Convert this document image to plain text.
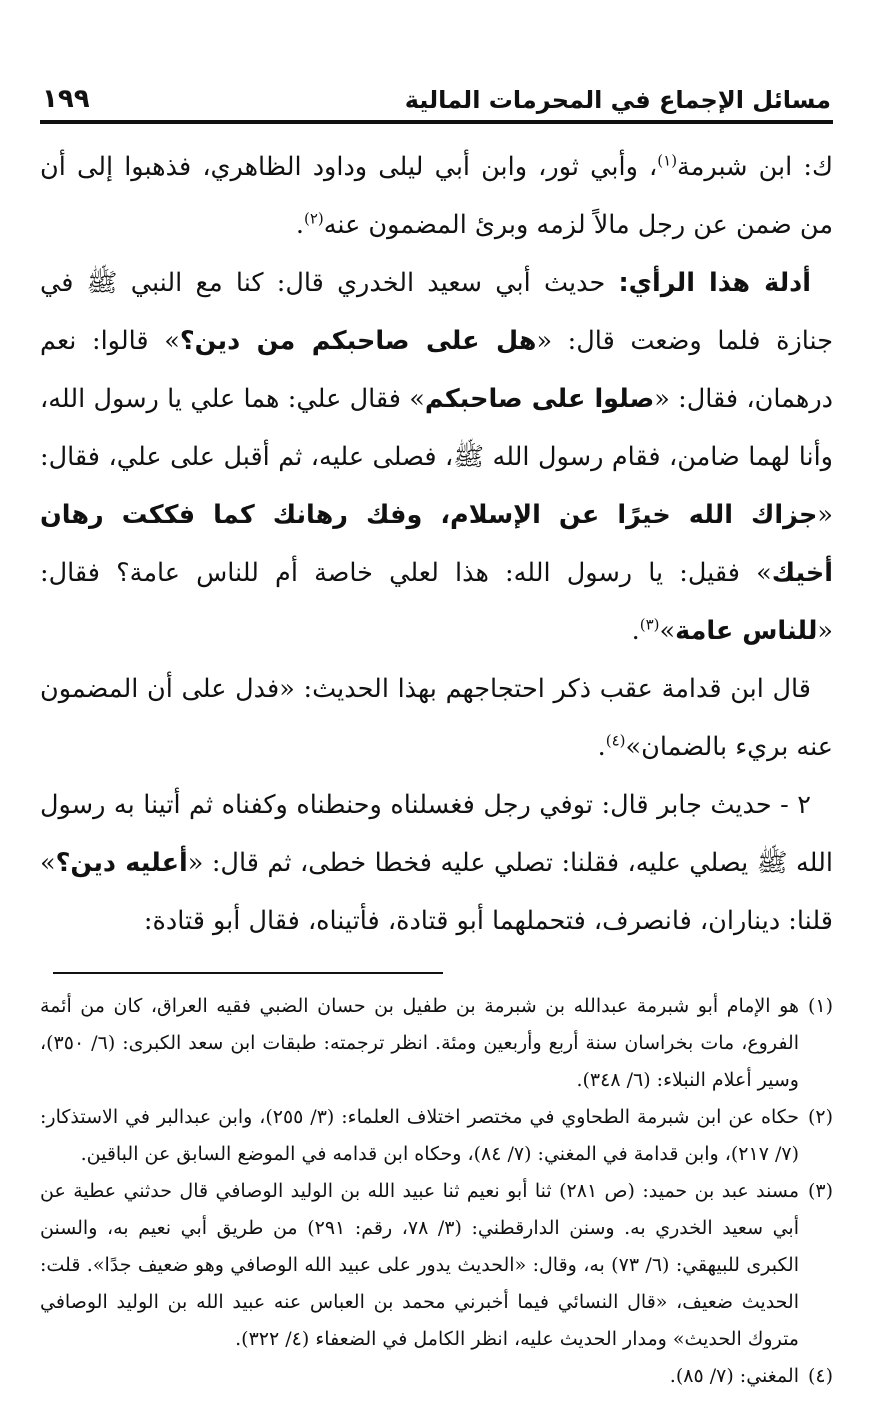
مسائل الإجماع في المحرمات المالية
١٩٩

ك: ابن شبرمة$^{(١)}$، وأبي ثور، وابن أبي ليلى وداود الظاهري، فذهبوا إلى أن من ضمن عن رجل مالاً لزمه وبرئ المضمون عنه$^{(٢)}$.

أدلة هذا الرأي: حديث أبي سعيد الخدري قال: كنا مع النبي ﷺ في جنازة فلما وضعت قال: «هل على صاحبكم من دين؟» قالوا: نعم درهمان، فقال: «صلوا على صاحبكم» فقال علي: هما علي يا رسول الله، وأنا لهما ضامن، فقام رسول الله ﷺ، فصلى عليه، ثم أقبل على علي، فقال: «جزاك الله خيرًا عن الإسلام، وفك رهانك كما فككت رهان أخيك» فقيل: يا رسول الله: هذا لعلي خاصة أم للناس عامة؟ فقال: «للناس عامة»$^{(٣)}$.

قال ابن قدامة عقب ذكر احتجاجهم بهذا الحديث: «فدل على أن المضمون عنه بريء بالضمان»$^{(٤)}$.

٢ - حديث جابر قال: توفي رجل فغسلناه وحنطناه وكفناه ثم أتينا به رسول الله ﷺ يصلي عليه، فقلنا: تصلي عليه فخطا خطى، ثم قال: «أعليه دين؟» قلنا: ديناران، فانصرف، فتحملهما أبو قتادة، فأتيناه، فقال أبو قتادة:

(١)
هو الإمام أبو شبرمة عبدالله بن شبرمة بن طفيل بن حسان الضبي فقيه العراق، كان من أئمة الفروع، مات بخراسان سنة أربع وأربعين ومئة. انظر ترجمته: طبقات ابن سعد الكبرى: (٦/ ٣٥٠)، وسير أعلام النبلاء: (٦/ ٣٤٨).
(٢)
حكاه عن ابن شبرمة الطحاوي في مختصر اختلاف العلماء: (٣/ ٢٥٥)، وابن عبدالبر في الاستذكار: (٧/ ٢١٧)، وابن قدامة في المغني: (٧/ ٨٤)، وحكاه ابن قدامه في الموضع السابق عن الباقين.
(٣)
مسند عبد بن حميد: (ص ٢٨١) ثنا أبو نعيم ثنا عبيد الله بن الوليد الوصافي قال حدثني عطية عن أبي سعيد الخدري به. وسنن الدارقطني: (٣/ ٧٨، رقم: ٢٩١) من طريق أبي نعيم به، والسنن الكبرى للبيهقي: (٦/ ٧٣) به، وقال: «الحديث يدور على عبيد الله الوصافي وهو ضعيف جدًا». قلت: الحديث ضعيف، «قال النسائي فيما أخبرني محمد بن العباس عنه عبيد الله بن الوليد الوصافي متروك الحديث» ومدار الحديث عليه، انظر الكامل في الضعفاء (٤/ ٣٢٢).
(٤)
المغني: (٧/ ٨٥).
